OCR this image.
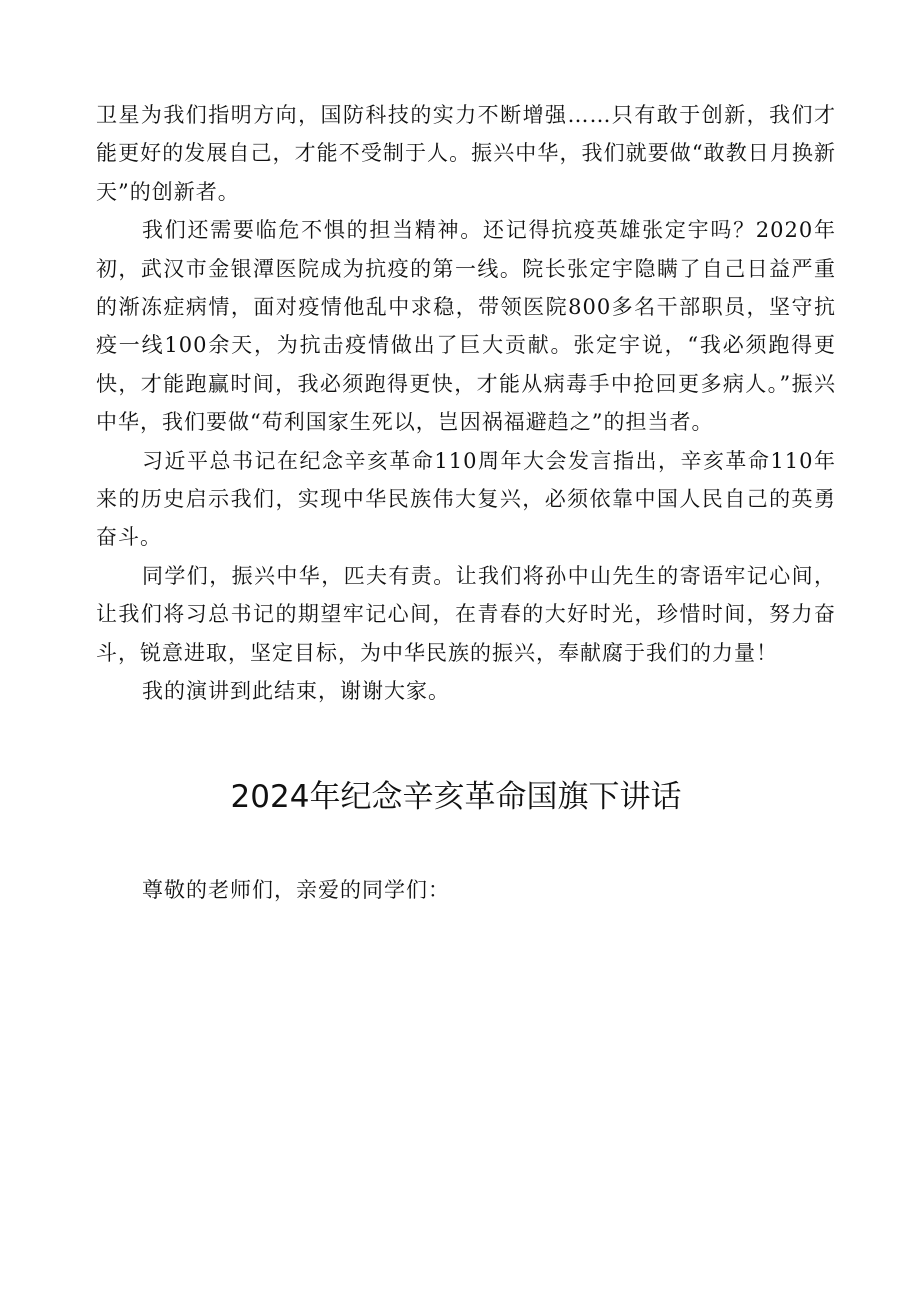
卫星为我们指明方向，国防科技的实力不断增强……只有敢于创新，我们才能更好的发展自己，才能不受制于人。振兴中华，我们就要做“敢教日月换新天”的创新者。

我们还需要临危不惧的担当精神。还记得抗疫英雄张定宇吗？2020年初，武汉市金银潭医院成为抗疫的第一线。院长张定宇隐瞒了自己日益严重的渐冻症病情，面对疫情他乱中求稳，带领医院800多名干部职员，坚守抗疫一线100余天，为抗击疫情做出了巨大贡献。张定宇说，“我必须跑得更快，才能跑赢时间，我必须跑得更快，才能从病毒手中抢回更多病人。”振兴中华，我们要做“苟利国家生死以，岂因祸福避趋之”的担当者。

习近平总书记在纪念辛亥革命110周年大会发言指出，辛亥革命110年来的历史启示我们，实现中华民族伟大复兴，必须依靠中国人民自己的英勇奋斗。

同学们，振兴中华，匹夫有责。让我们将孙中山先生的寄语牢记心间，让我们将习总书记的期望牢记心间，在青春的大好时光，珍惜时间，努力奋斗，锐意进取，坚定目标，为中华民族的振兴，奉献腐于我们的力量！

我的演讲到此结束，谢谢大家。

2024年纪念辛亥革命国旗下讲话

尊敬的老师们，亲爱的同学们：
